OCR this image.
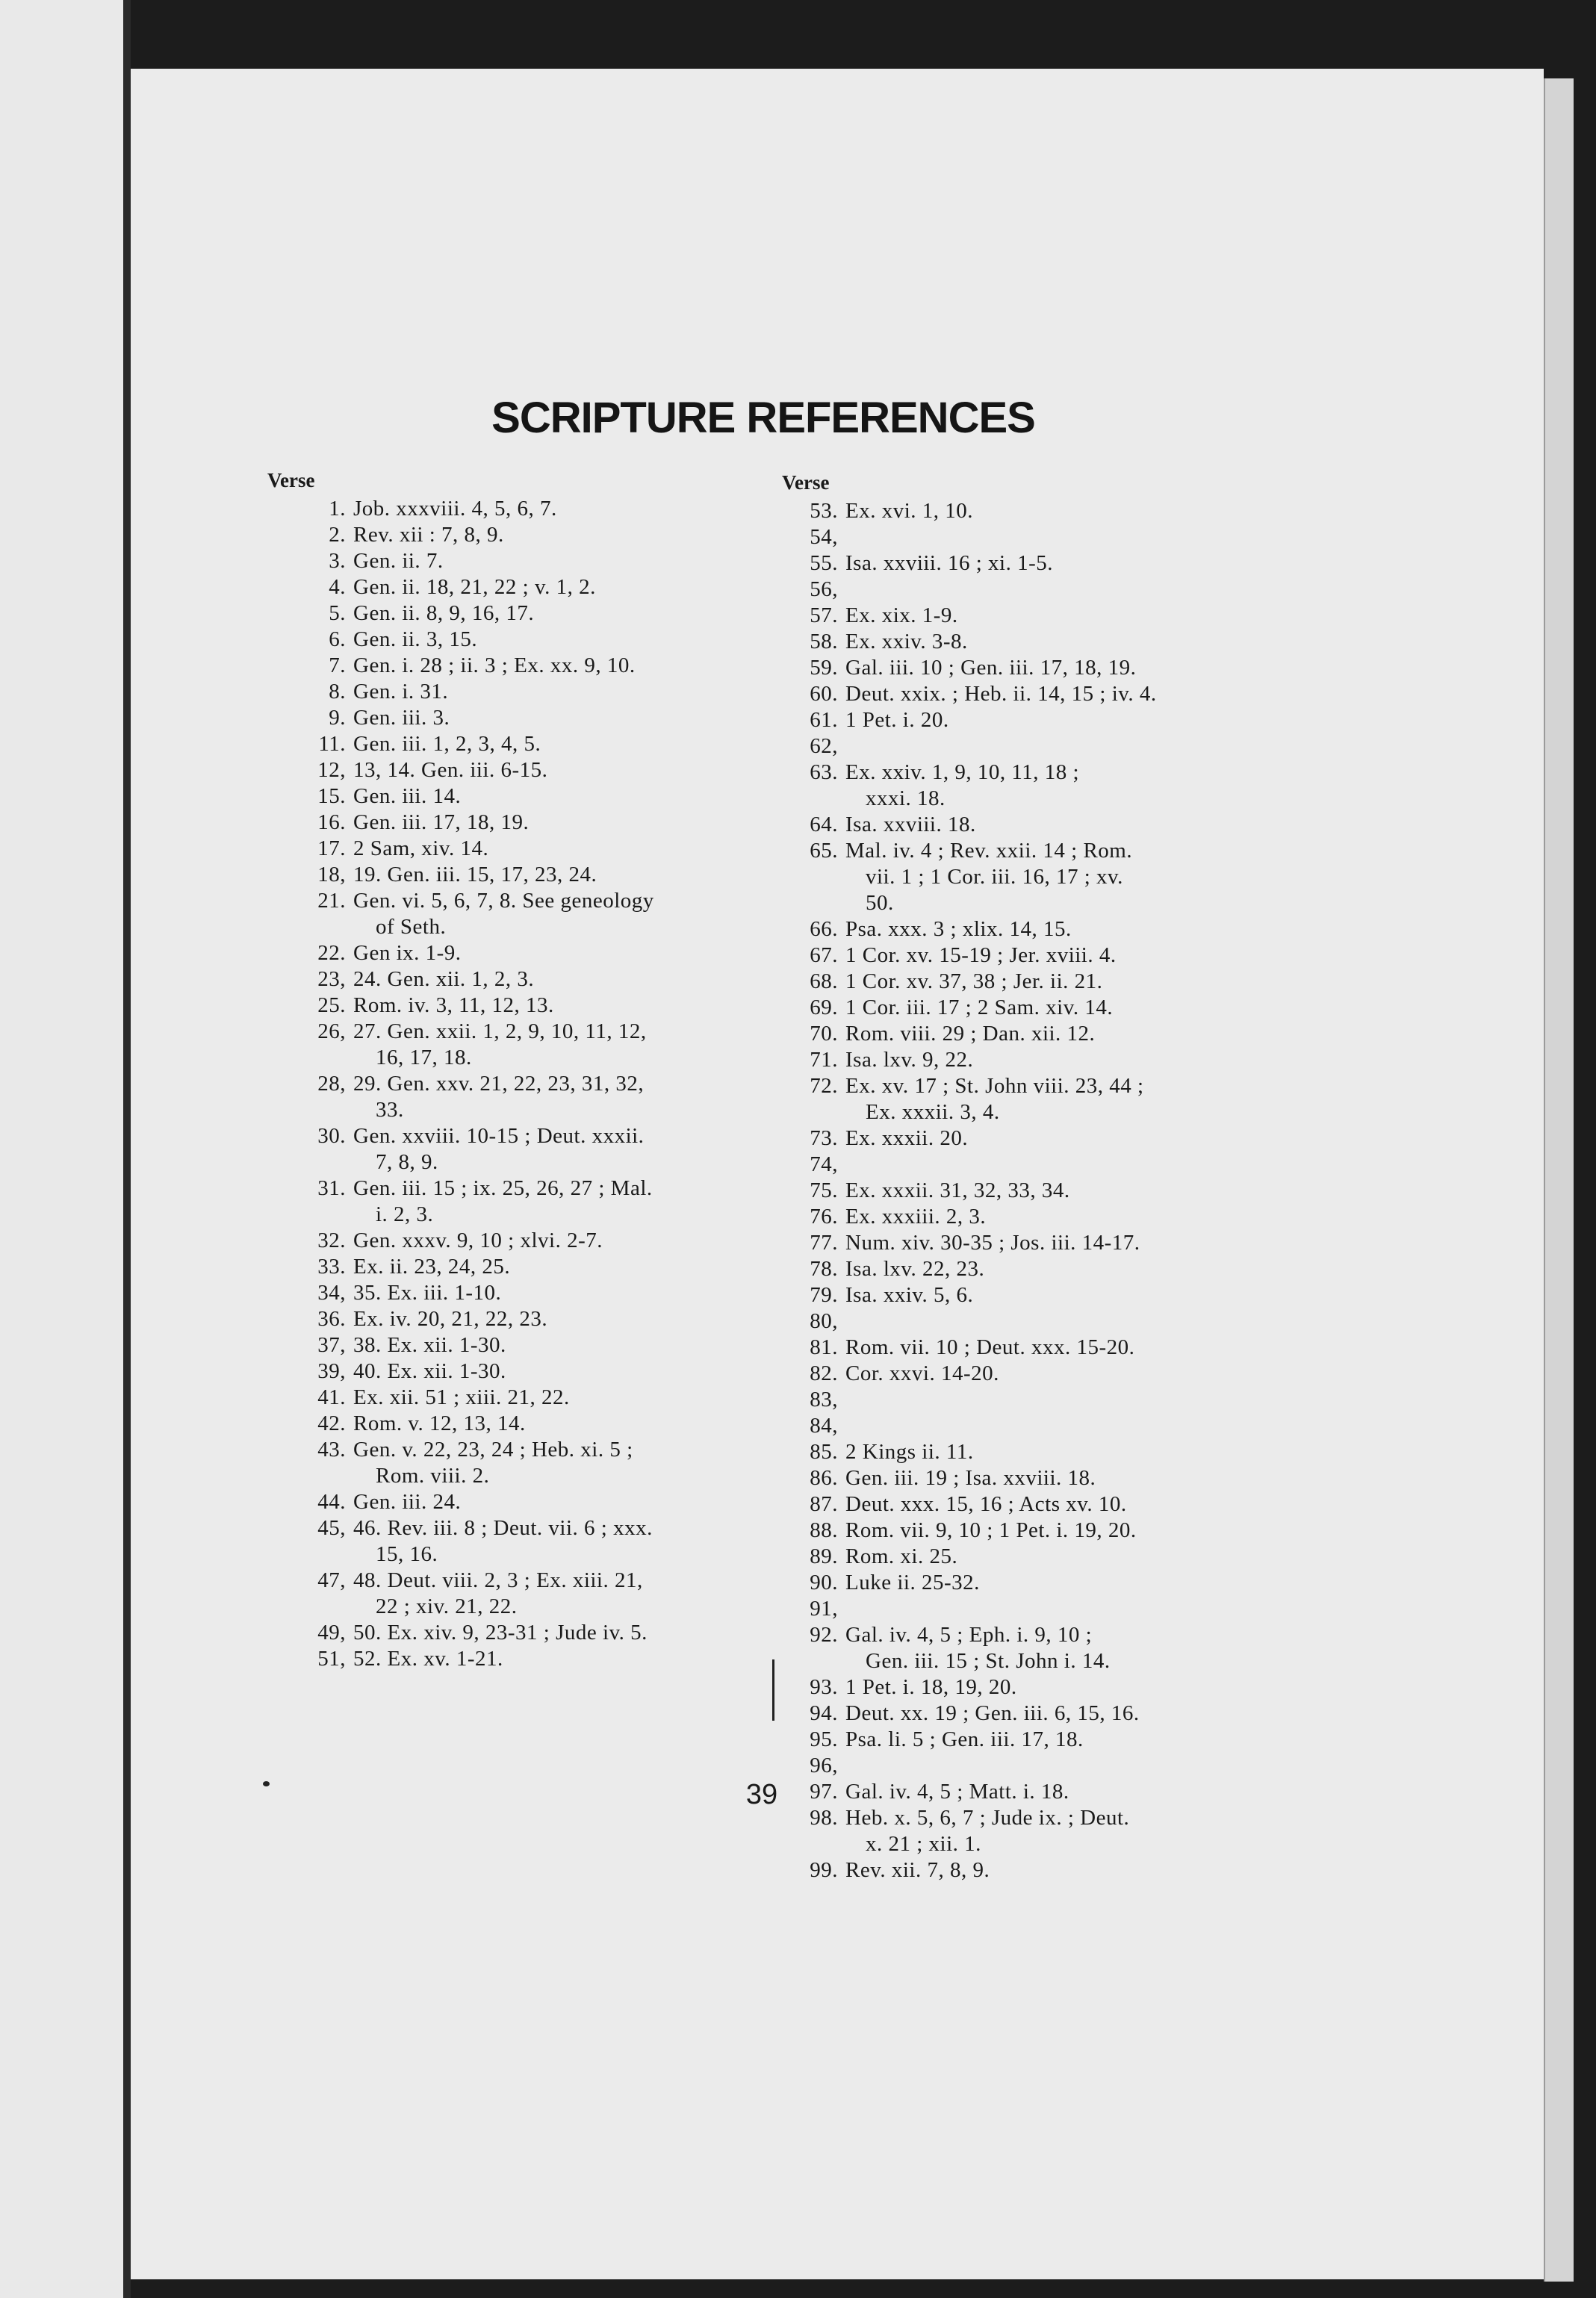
SCRIPTURE REFERENCES
Verse
1. Job. xxxviii. 4, 5, 6, 7.
2. Rev. xii : 7, 8, 9.
3. Gen. ii. 7.
4. Gen. ii. 18, 21, 22 ; v. 1, 2.
5. Gen. ii. 8, 9, 16, 17.
6. Gen. ii. 3, 15.
7. Gen. i. 28 ; ii. 3 ; Ex. xx. 9, 10.
8. Gen. i. 31.
9. Gen. iii. 3.
11. Gen. iii. 1, 2, 3, 4, 5.
12, 13, 14. Gen. iii. 6-15.
15. Gen. iii. 14.
16. Gen. iii. 17, 18, 19.
17. 2 Sam, xiv. 14.
18, 19. Gen. iii. 15, 17, 23, 24.
21. Gen. vi. 5, 6, 7, 8. See geneology
of Seth.
22. Gen ix. 1-9.
23, 24. Gen. xii. 1, 2, 3.
25. Rom. iv. 3, 11, 12, 13.
26, 27. Gen. xxii. 1, 2, 9, 10, 11, 12,
16, 17, 18.
28, 29. Gen. xxv. 21, 22, 23, 31, 32,
33.
30. Gen. xxviii. 10-15 ; Deut. xxxii.
7, 8, 9.
31. Gen. iii. 15 ; ix. 25, 26, 27 ; Mal.
i. 2, 3.
32. Gen. xxxv. 9, 10 ; xlvi. 2-7.
33. Ex. ii. 23, 24, 25.
34, 35. Ex. iii. 1-10.
36. Ex. iv. 20, 21, 22, 23.
37, 38. Ex. xii. 1-30.
39, 40. Ex. xii. 1-30.
41. Ex. xii. 51 ; xiii. 21, 22.
42. Rom. v. 12, 13, 14.
43. Gen. v. 22, 23, 24 ; Heb. xi. 5 ;
Rom. viii. 2.
44. Gen. iii. 24.
45, 46. Rev. iii. 8 ; Deut. vii. 6 ; xxx.
15, 16.
47, 48. Deut. viii. 2, 3 ; Ex. xiii. 21,
22 ; xiv. 21, 22.
49, 50. Ex. xiv. 9, 23-31 ; Jude iv. 5.
51, 52. Ex. xv. 1-21.
Verse
53. Ex. xvi. 1, 10.
54, 55. Isa. xxviii. 16 ; xi. 1-5.
56, 57. Ex. xix. 1-9.
58. Ex. xxiv. 3-8.
59. Gal. iii. 10 ; Gen. iii. 17, 18, 19.
60. Deut. xxix. ; Heb. ii. 14, 15 ; iv. 4.
61. 1 Pet. i. 20.
62, 63. Ex. xxiv. 1, 9, 10, 11, 18 ;
xxxi. 18.
64. Isa. xxviii. 18.
65. Mal. iv. 4 ; Rev. xxii. 14 ; Rom.
vii. 1 ; 1 Cor. iii. 16, 17 ; xv.
50.
66. Psa. xxx. 3 ; xlix. 14, 15.
67. 1 Cor. xv. 15-19 ; Jer. xviii. 4.
68. 1 Cor. xv. 37, 38 ; Jer. ii. 21.
69. 1 Cor. iii. 17 ; 2 Sam. xiv. 14.
70. Rom. viii. 29 ; Dan. xii. 12.
71. Isa. lxv. 9, 22.
72. Ex. xv. 17 ; St. John viii. 23, 44 ;
Ex. xxxii. 3, 4.
73. Ex. xxxii. 20.
74, 75. Ex. xxxii. 31, 32, 33, 34.
76. Ex. xxxiii. 2, 3.
77. Num. xiv. 30-35 ; Jos. iii. 14-17.
78. Isa. lxv. 22, 23.
79. Isa. xxiv. 5, 6.
80, 81. Rom. vii. 10 ; Deut. xxx. 15-20.
82. Cor. xxvi. 14-20.
83, 84, 85. 2 Kings ii. 11.
86. Gen. iii. 19 ; Isa. xxviii. 18.
87. Deut. xxx. 15, 16 ; Acts xv. 10.
88. Rom. vii. 9, 10 ; 1 Pet. i. 19, 20.
89. Rom. xi. 25.
90. Luke ii. 25-32.
91, 92. Gal. iv. 4, 5 ; Eph. i. 9, 10 ;
Gen. iii. 15 ; St. John i. 14.
93. 1 Pet. i. 18, 19, 20.
94. Deut. xx. 19 ; Gen. iii. 6, 15, 16.
95. Psa. li. 5 ; Gen. iii. 17, 18.
96, 97. Gal. iv. 4, 5 ; Matt. i. 18.
98. Heb. x. 5, 6, 7 ; Jude ix. ; Deut.
x. 21 ; xii. 1.
99. Rev. xii. 7, 8, 9.
39
